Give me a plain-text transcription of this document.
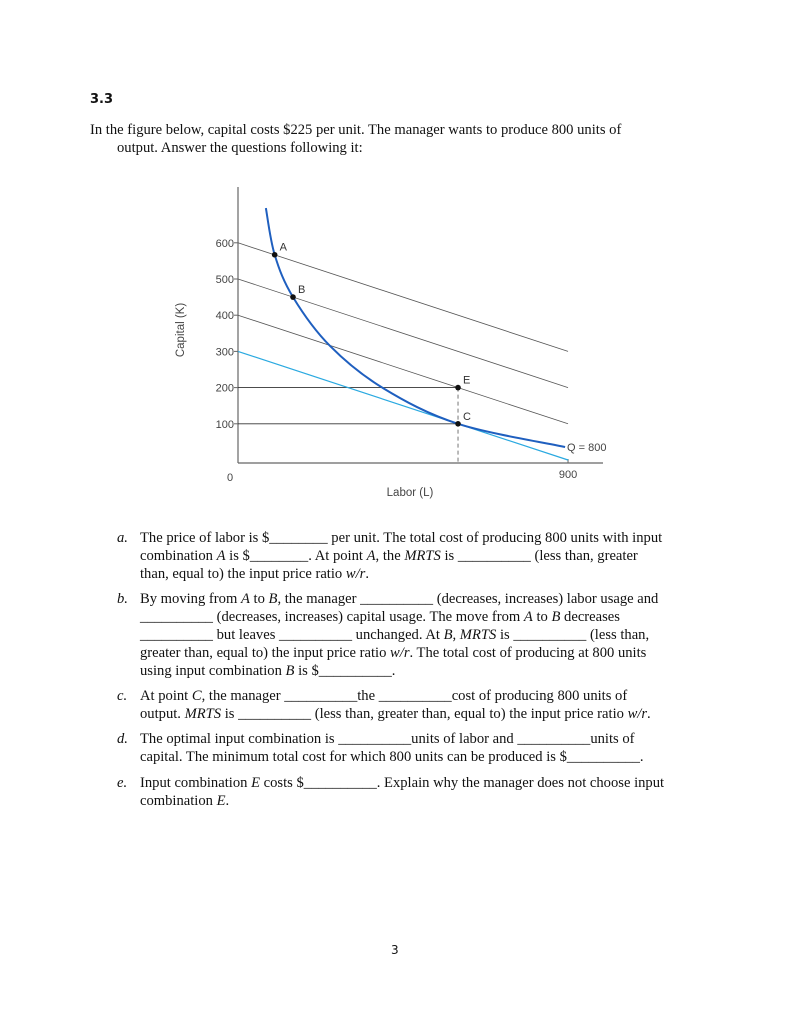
3.3
In the figure below, capital costs $225 per unit. The manager wants to produce 800 units of
output. Answer the questions following it:
600
500
400
300
200
100
0	900
Labor (L)
Capital (K)
Q = 800
A
B
E
C
a. The price of labor is $________ per unit. The total cost of producing 800 units with input
combination A is $________. At point A, the MRTS is __________ (less than, greater
than, equal to) the input price ratio w/r.
b. By moving from A to B, the manager __________ (decreases, increases) labor usage and
__________ (decreases, increases) capital usage. The move from A to B decreases
__________ but leaves __________ unchanged. At B, MRTS is __________ (less than,
greater than, equal to) the input price ratio w/r. The total cost of producing at 800 units
using input combination B is $__________.
c. At point C, the manager __________the __________cost of producing 800 units of
output. MRTS is __________ (less than, greater than, equal to) the input price ratio w/r.
d. The optimal input combination is __________units of labor and __________units of
capital. The minimum total cost for which 800 units can be produced is $__________.
e. Input combination E costs $__________. Explain why the manager does not choose input
combination E.
3
